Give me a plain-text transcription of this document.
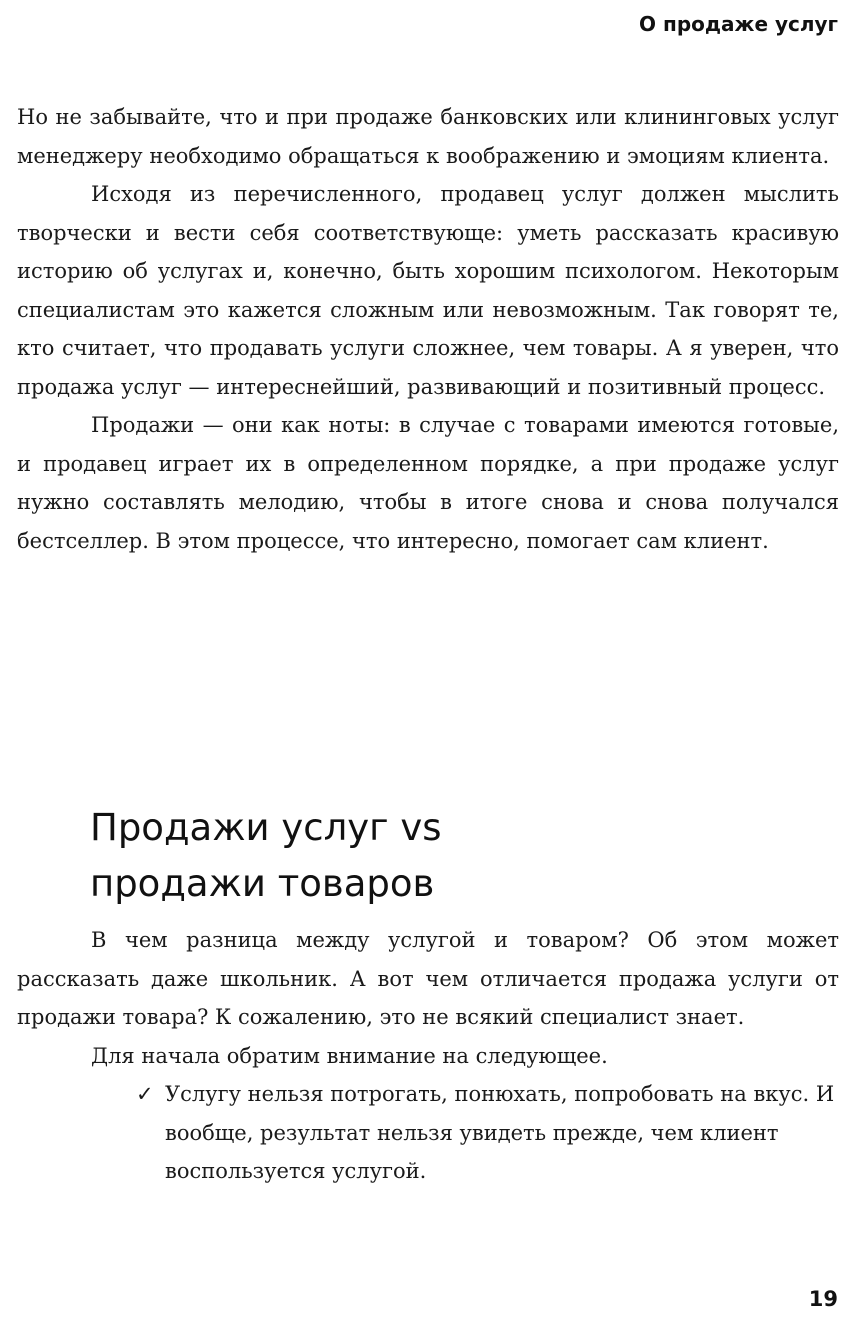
О продаже услуг

Но не забывайте, что и при продаже банковских или клининговых услуг менеджеру необходимо обращаться к воображению и эмоциям клиента.

Исходя из перечисленного, продавец услуг должен мыслить творчески и вести себя соответствующе: уметь рассказать красивую историю об услугах и, конечно, быть хорошим психологом. Некоторым специалистам это кажется сложным или невозможным. Так говорят те, кто считает, что продавать услуги сложнее, чем товары. А я уверен, что продажа услуг — интереснейший, развивающий и позитивный процесс.

Продажи — они как ноты: в случае с товарами имеются готовые, и продавец играет их в определенном порядке, а при продаже услуг нужно составлять мелодию, чтобы в итоге снова и снова получался бестселлер. В этом процессе, что интересно, помогает сам клиент.

Продажи услуг vs
продажи товаров

В чем разница между услугой и товаром? Об этом может рассказать даже школьник. А вот чем отличается продажа услуги от продажи товара? К сожалению, это не всякий специалист знает.

Для начала обратим внимание на следующее.

✓ Услугу нельзя потрогать, понюхать, попробовать на вкус. И вообще, результат нельзя увидеть прежде, чем клиент воспользуется услугой.
19
